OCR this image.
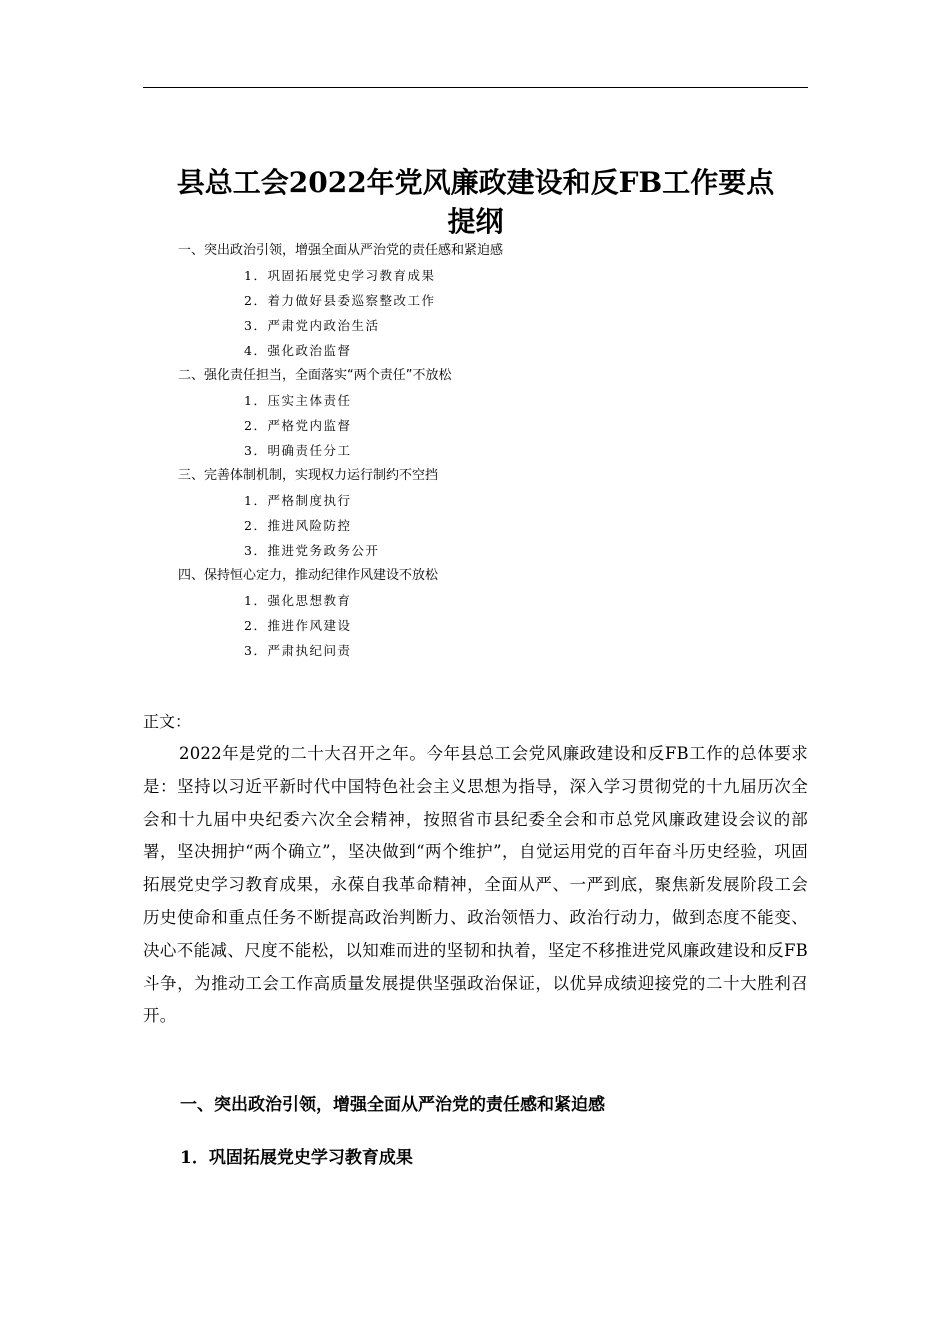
县总工会2022年党风廉政建设和反FB工作要点
提纲
一、突出政治引领，增强全面从严治党的责任感和紧迫感
1．巩固拓展党史学习教育成果
2．着力做好县委巡察整改工作
3．严肃党内政治生活
4．强化政治监督
二、强化责任担当，全面落实“两个责任”不放松
1．压实主体责任
2．严格党内监督
3．明确责任分工
三、完善体制机制，实现权力运行制约不空挡
1．严格制度执行
2．推进风险防控
3．推进党务政务公开
四、保持恒心定力，推动纪律作风建设不放松
1．强化思想教育
2．推进作风建设
3．严肃执纪问责
正文：
2022年是党的二十大召开之年。今年县总工会党风廉政建设和反FB工作的总体要求是：坚持以习近平新时代中国特色社会主义思想为指导，深入学习贯彻党的十九届历次全会和十九届中央纪委六次全会精神，按照省市县纪委全会和市总党风廉政建设会议的部署，坚决拥护“两个确立”，坚决做到“两个维护”，自觉运用党的百年奋斗历史经验，巩固拓展党史学习教育成果，永葆自我革命精神，全面从严、一严到底，聚焦新发展阶段工会历史使命和重点任务不断提高政治判断力、政治领悟力、政治行动力，做到态度不能变、决心不能减、尺度不能松，以知难而进的坚韧和执着，坚定不移推进党风廉政建设和反FB斗争，为推动工会工作高质量发展提供坚强政治保证，以优异成绩迎接党的二十大胜利召开。
一、突出政治引领，增强全面从严治党的责任感和紧迫感
1．巩固拓展党史学习教育成果
